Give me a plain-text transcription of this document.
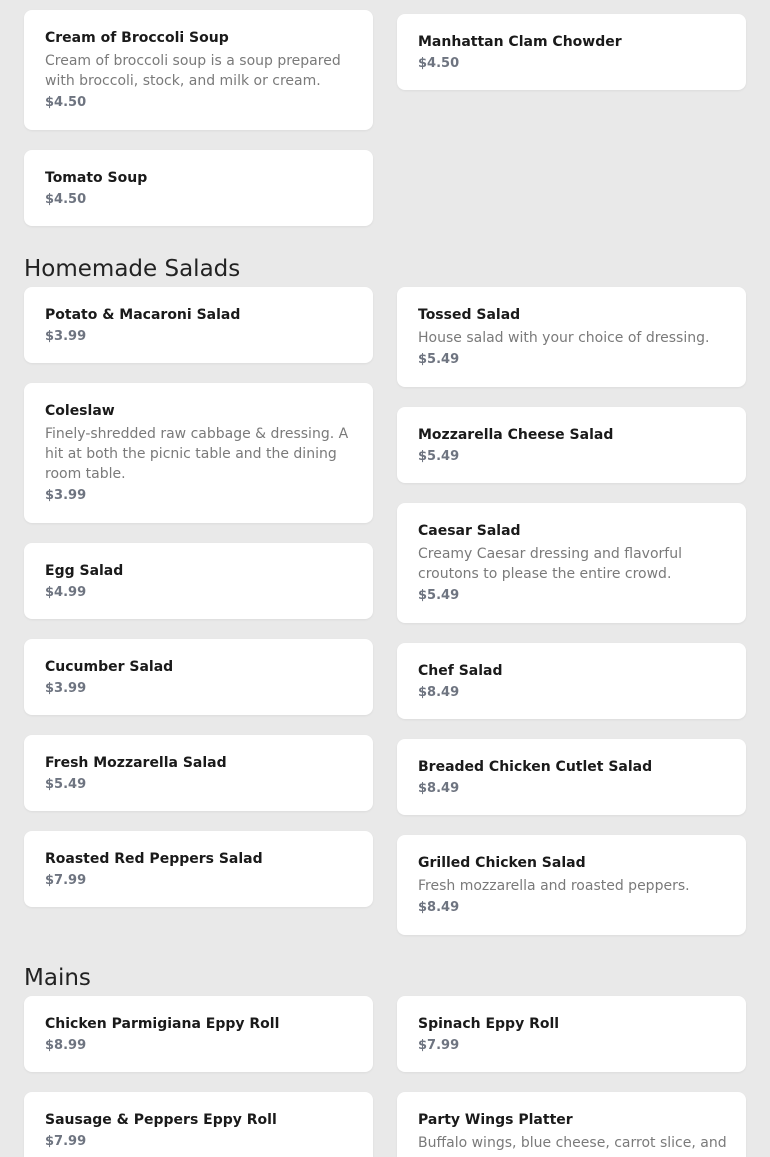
Cream of Broccoli Soup
Cream of broccoli soup is a soup prepared with broccoli, stock, and milk or cream.
$4.50
Manhattan Clam Chowder
$4.50
Tomato Soup
$4.50
Homemade Salads
Potato & Macaroni Salad
$3.99
Tossed Salad
House salad with your choice of dressing.
$5.49
Coleslaw
Finely-shredded raw cabbage & dressing. A hit at both the picnic table and the dining room table.
$3.99
Mozzarella Cheese Salad
$5.49
Egg Salad
$4.99
Caesar Salad
Creamy Caesar dressing and flavorful croutons to please the entire crowd.
$5.49
Cucumber Salad
$3.99
Chef Salad
$8.49
Fresh Mozzarella Salad
$5.49
Breaded Chicken Cutlet Salad
$8.49
Roasted Red Peppers Salad
$7.99
Grilled Chicken Salad
Fresh mozzarella and roasted peppers.
$8.49
Mains
Chicken Parmigiana Eppy Roll
$8.99
Spinach Eppy Roll
$7.99
Sausage & Peppers Eppy Roll
$7.99
Party Wings Platter
Buffalo wings, blue cheese, carrot slice, and
